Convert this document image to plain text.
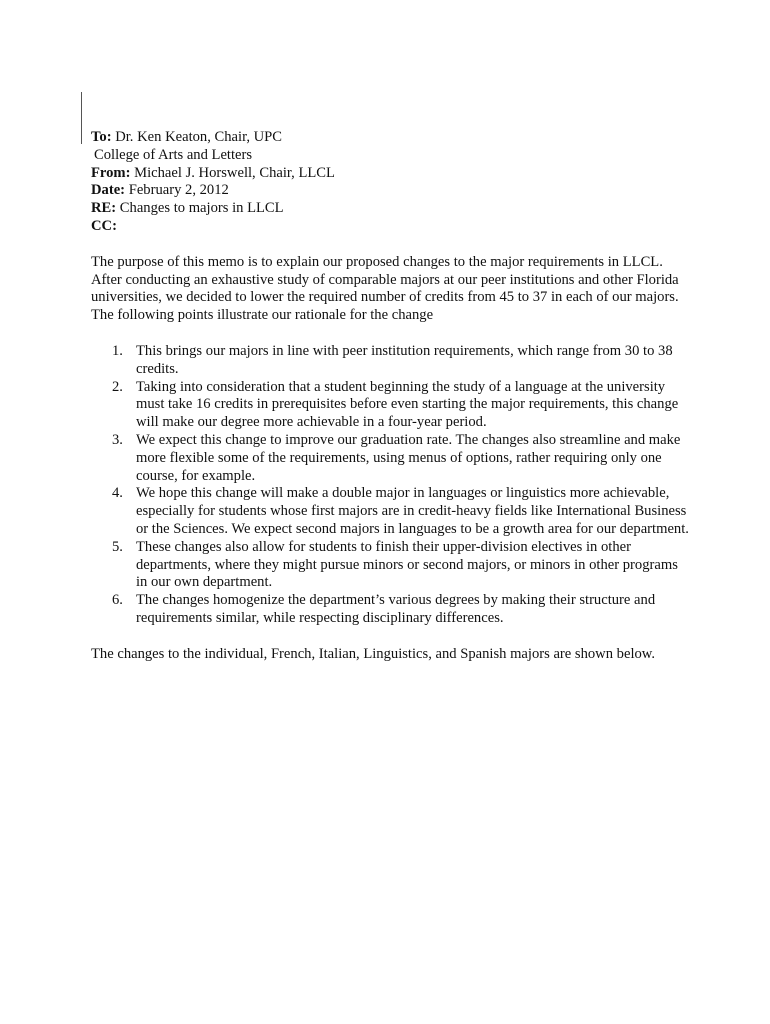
To: Dr. Ken Keaton, Chair, UPC
College of Arts and Letters
From: Michael J. Horswell, Chair, LLCL
Date: February 2, 2012
RE: Changes to majors in LLCL
CC:

The purpose of this memo is to explain our proposed changes to the major requirements in LLCL. After conducting an exhaustive study of comparable majors at our peer institutions and other Florida universities, we decided to lower the required number of credits from 45 to 37 in each of our majors. The following points illustrate our rationale for the change

1. This brings our majors in line with peer institution requirements, which range from 30 to 38 credits.
2. Taking into consideration that a student beginning the study of a language at the university must take 16 credits in prerequisites before even starting the major requirements, this change will make our degree more achievable in a four-year period.
3. We expect this change to improve our graduation rate. The changes also streamline and make more flexible some of the requirements, using menus of options, rather requiring only one course, for example.
4. We hope this change will make a double major in languages or linguistics more achievable, especially for students whose first majors are in credit-heavy fields like International Business or the Sciences. We expect second majors in languages to be a growth area for our department.
5. These changes also allow for students to finish their upper-division electives in other departments, where they might pursue minors or second majors, or minors in other programs in our own department.
6. The changes homogenize the department’s various degrees by making their structure and requirements similar, while respecting disciplinary differences.

The changes to the individual, French, Italian, Linguistics, and Spanish majors are shown below.
